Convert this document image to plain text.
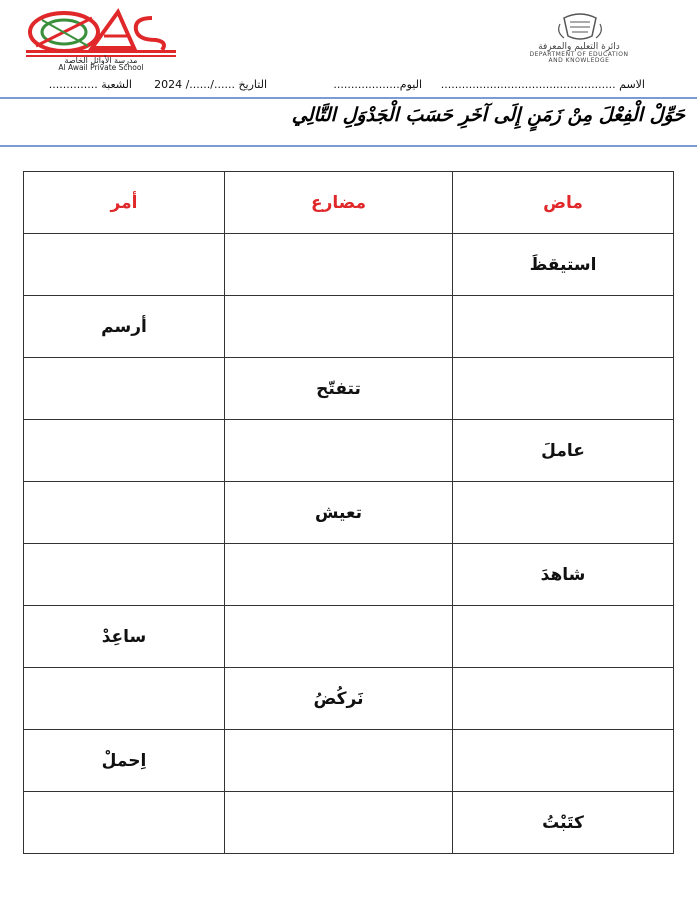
مدرسة الأوائل الخاصة
Al Awail Private School
دائرة التعليم والمعرفة
DEPARTMENT OF EDUCATION
AND KNOWLEDGE
الاسم ..................................................
اليوم...................
التاريخ ....../....../ 2024
الشعبة ..............
حَوِّلْ الْفِعْلَ مِنْ زَمَنٍ إِلَى آخَرِ حَسَبَ الْجَدْوَلِ التَّالِي
أمر	مضارع	ماض
		استيقظَ
أرسم		
	تتفتّح	
		عاملَ
	تعيش	
		شاهدَ
ساعِدْ		
	نَركُضُ	
اِحملْ		
		كتَبْتُ
